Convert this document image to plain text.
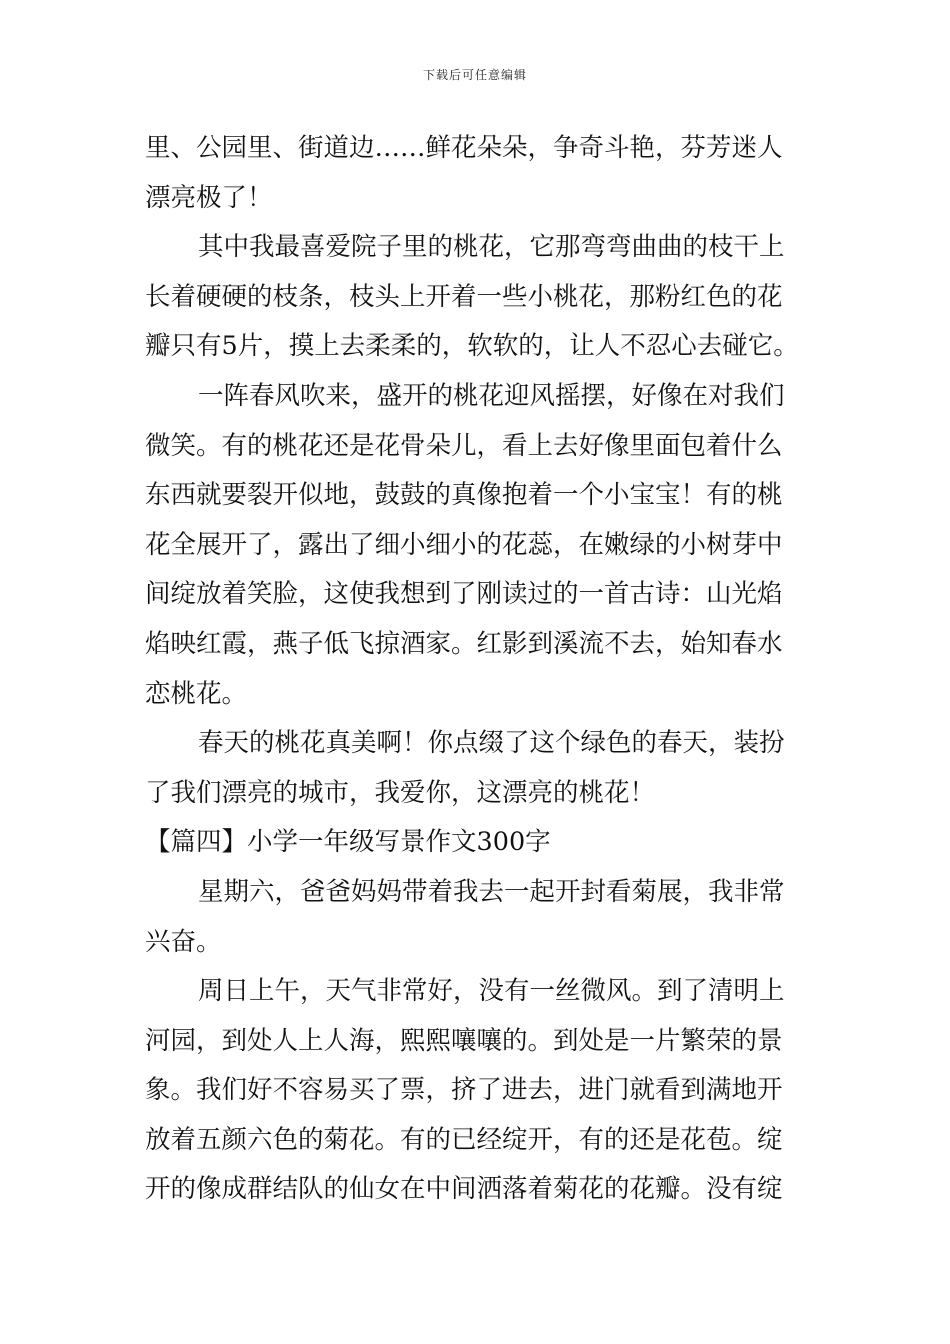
下载后可任意编辑
里、公园里、街道边……鲜花朵朵，争奇斗艳，芬芳迷人
漂亮极了！
其中我最喜爱院子里的桃花，它那弯弯曲曲的枝干上
长着硬硬的枝条，枝头上开着一些小桃花，那粉红色的花
瓣只有5片，摸上去柔柔的，软软的，让人不忍心去碰它。
一阵春风吹来，盛开的桃花迎风摇摆，好像在对我们
微笑。有的桃花还是花骨朵儿，看上去好像里面包着什么
东西就要裂开似地，鼓鼓的真像抱着一个小宝宝！有的桃
花全展开了，露出了细小细小的花蕊，在嫩绿的小树芽中
间绽放着笑脸，这使我想到了刚读过的一首古诗：山光焰
焰映红霞，燕子低飞掠酒家。红影到溪流不去，始知春水
恋桃花。
春天的桃花真美啊！你点缀了这个绿色的春天，装扮
了我们漂亮的城市，我爱你，这漂亮的桃花！
【篇四】小学一年级写景作文300字
星期六，爸爸妈妈带着我去一起开封看菊展，我非常
兴奋。
周日上午，天气非常好，没有一丝微风。到了清明上
河园，到处人上人海，熙熙嚷嚷的。到处是一片繁荣的景
象。我们好不容易买了票，挤了进去，进门就看到满地开
放着五颜六色的菊花。有的已经绽开，有的还是花苞。绽
开的像成群结队的仙女在中间洒落着菊花的花瓣。没有绽
